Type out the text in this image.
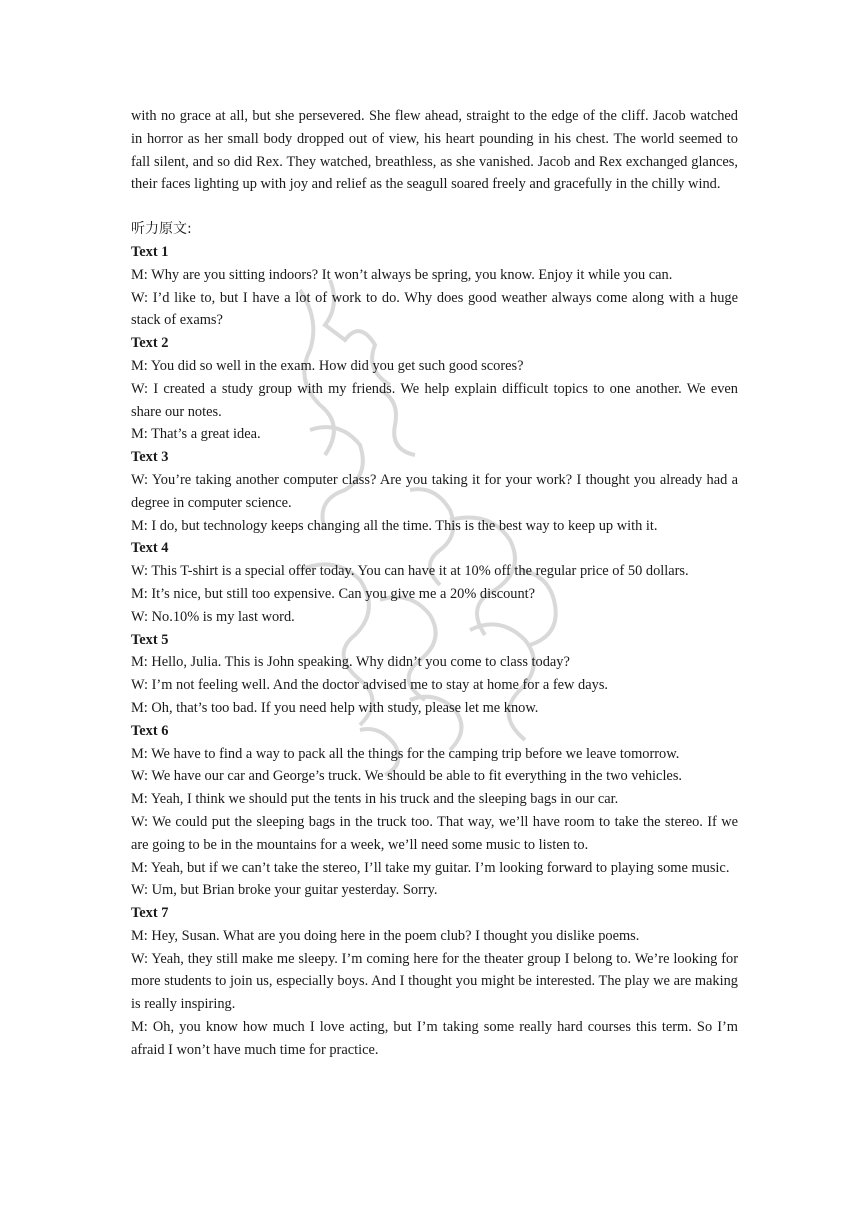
with no grace at all, but she persevered. She flew ahead, straight to the edge of the cliff. Jacob watched in horror as her small body dropped out of view, his heart pounding in his chest. The world seemed to fall silent, and so did Rex. They watched, breathless, as she vanished. Jacob and Rex exchanged glances, their faces lighting up with joy and relief as the seagull soared freely and gracefully in the chilly wind.

听力原文:

Text 1

M: Why are you sitting indoors? It won’t always be spring, you know. Enjoy it while you can.

W: I’d like to, but I have a lot of work to do. Why does good weather always come along with a huge stack of exams?

Text 2

M: You did so well in the exam. How did you get such good scores?

W: I created a study group with my friends. We help explain difficult topics to one another. We even share our notes.

M: That’s a great idea.

Text 3

W: You’re taking another computer class? Are you taking it for your work? I thought you already had a degree in computer science.

M: I do, but technology keeps changing all the time. This is the best way to keep up with it.

Text 4

W: This T-shirt is a special offer today. You can have it at 10% off the regular price of 50 dollars.

M: It’s nice, but still too expensive. Can you give me a 20% discount?

W: No.10% is my last word.

Text 5

M: Hello, Julia. This is John speaking. Why didn’t you come to class today?

W: I’m not feeling well. And the doctor advised me to stay at home for a few days.

M: Oh, that’s too bad. If you need help with study, please let me know.

Text 6

M: We have to find a way to pack all the things for the camping trip before we leave tomorrow.

W: We have our car and George’s truck. We should be able to fit everything in the two vehicles.

M: Yeah, I think we should put the tents in his truck and the sleeping bags in our car.

W: We could put the sleeping bags in the truck too. That way, we’ll have room to take the stereo. If we are going to be in the mountains for a week, we’ll need some music to listen to.

M: Yeah, but if we can’t take the stereo, I’ll take my guitar. I’m looking forward to playing some music.

W: Um, but Brian broke your guitar yesterday. Sorry.

Text 7

M: Hey, Susan. What are you doing here in the poem club? I thought you dislike poems.

W: Yeah, they still make me sleepy. I’m coming here for the theater group I belong to. We’re looking for more students to join us, especially boys. And I thought you might be interested. The play we are making is really inspiring.

M: Oh, you know how much I love acting, but I’m taking some really hard courses this term. So I’m afraid I won’t have much time for practice.
